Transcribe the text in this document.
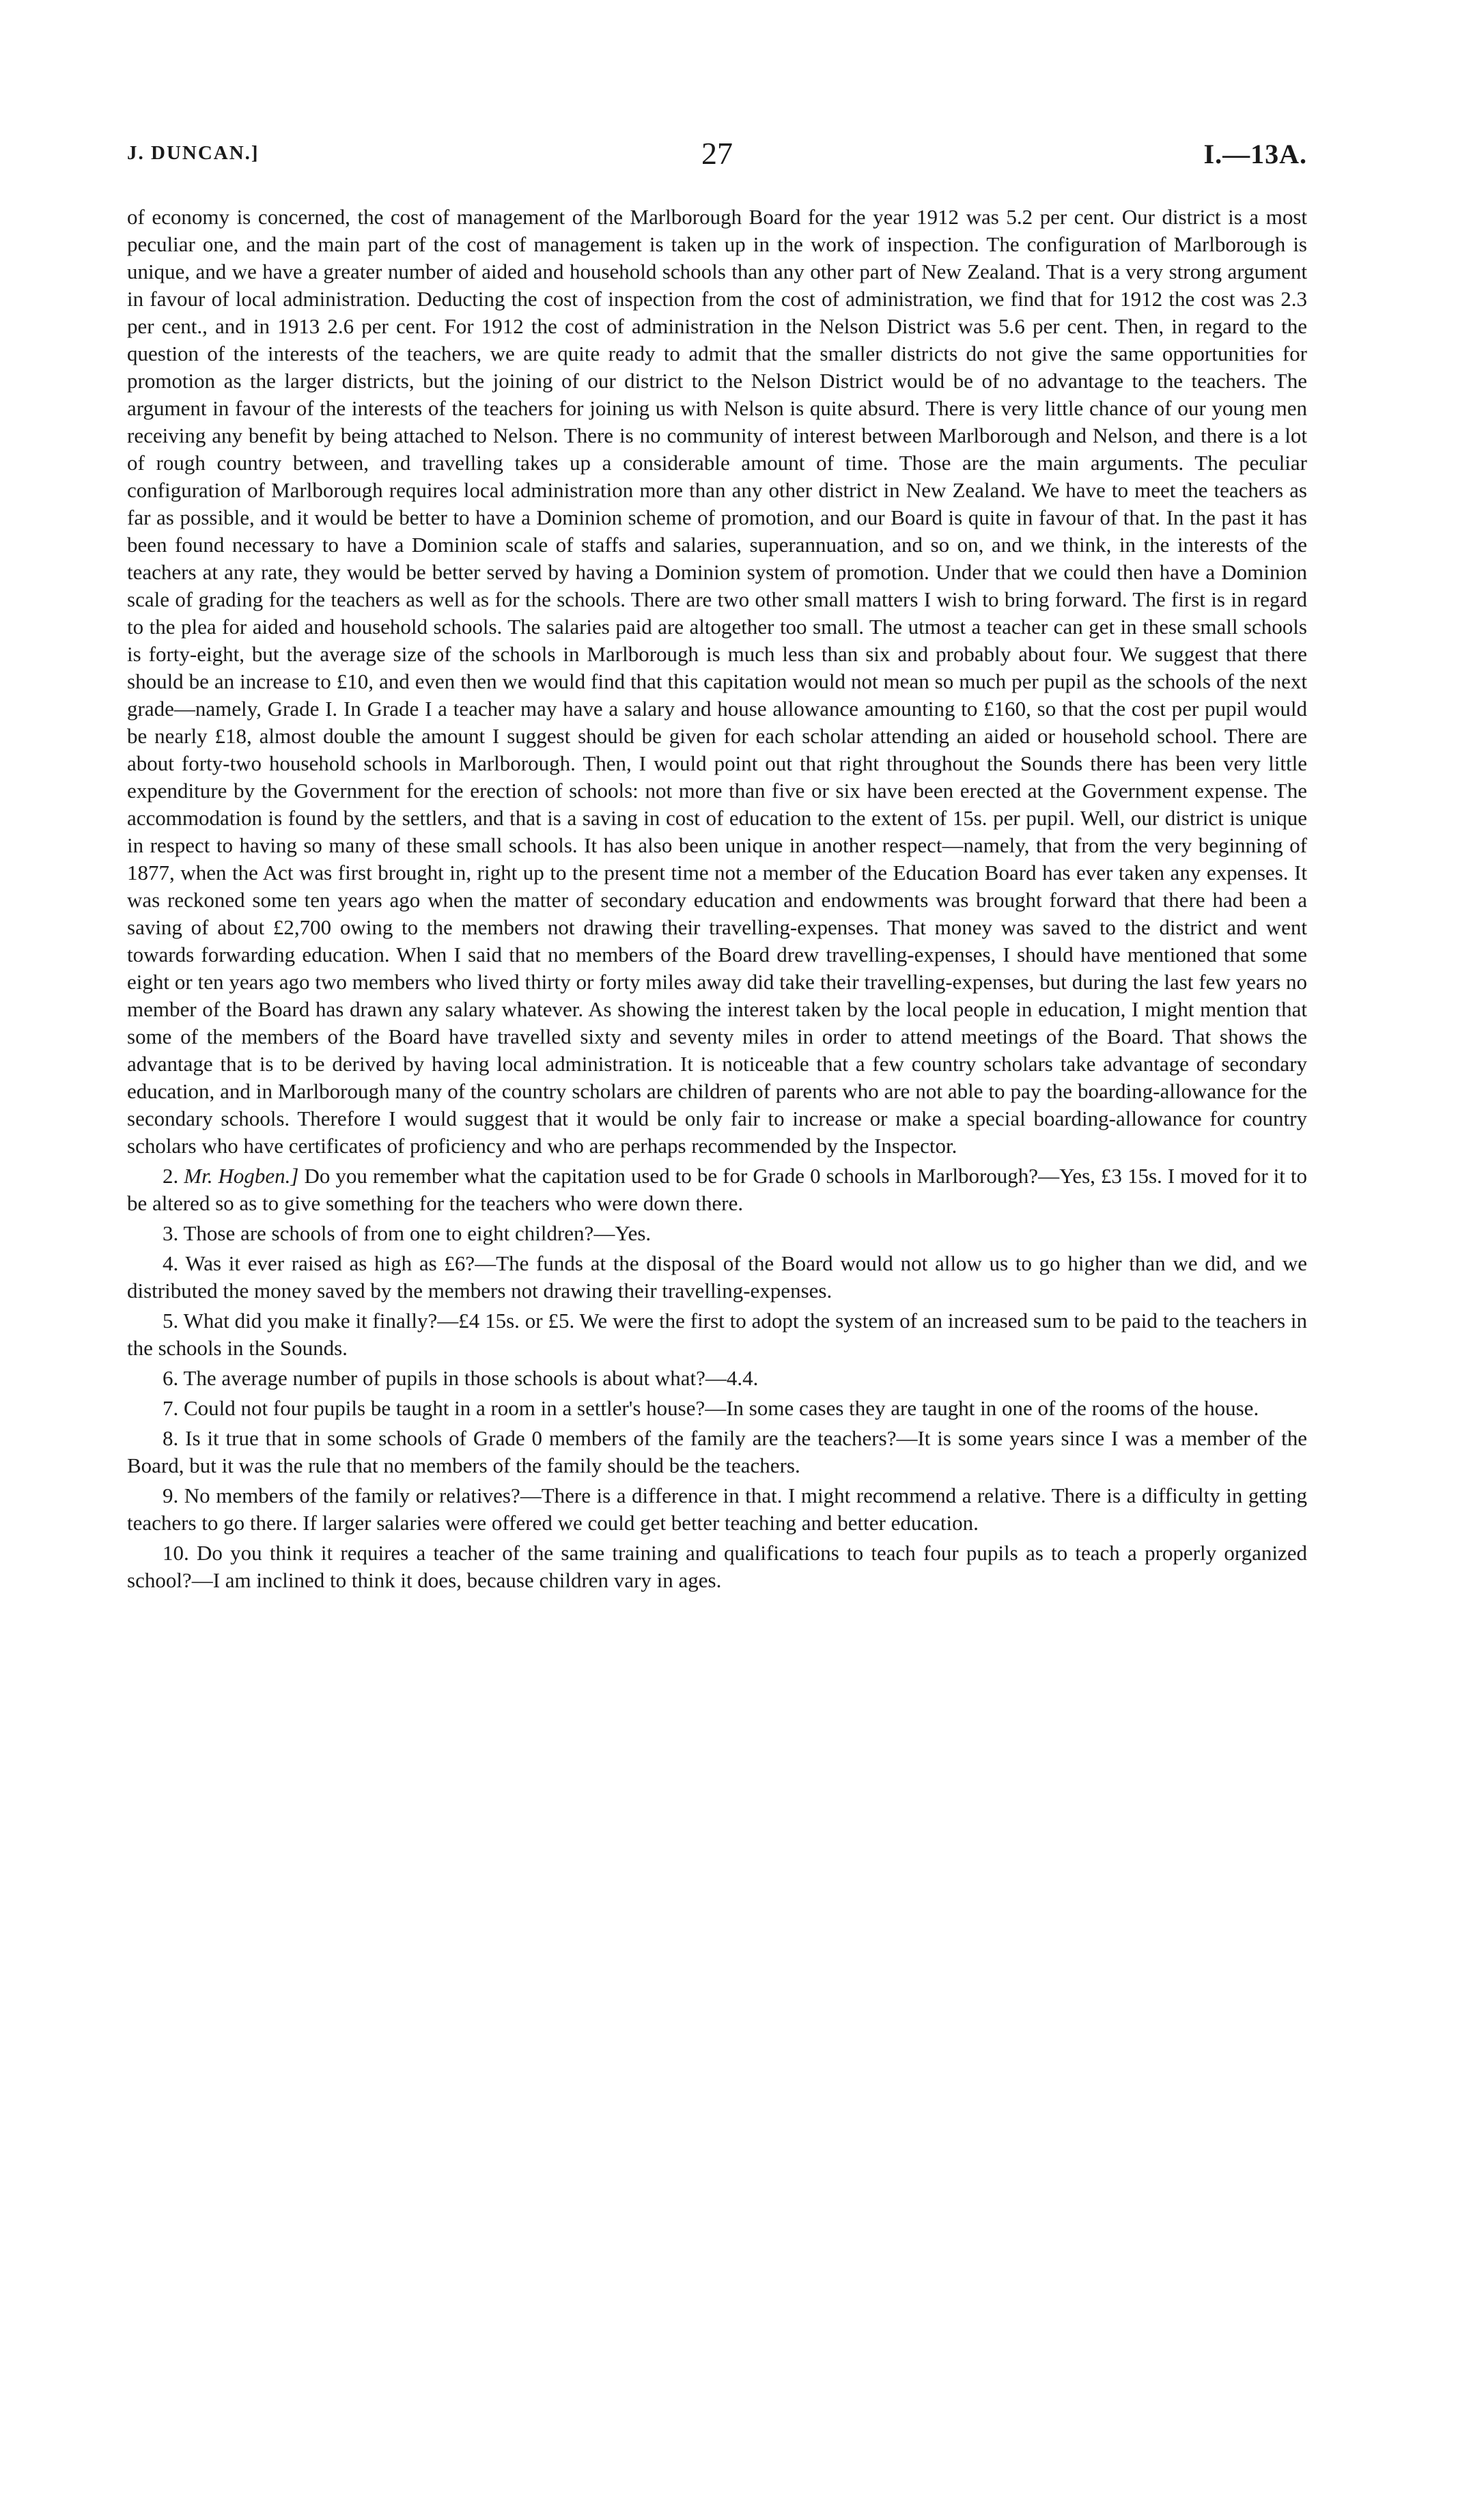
J. DUNCAN.]	27	I.—13A.

of economy is concerned, the cost of management of the Marlborough Board for the year 1912 was 5.2 per cent. Our district is a most peculiar one, and the main part of the cost of management is taken up in the work of inspection. The configuration of Marlborough is unique, and we have a greater number of aided and household schools than any other part of New Zealand. That is a very strong argument in favour of local administration. Deducting the cost of inspection from the cost of administration, we find that for 1912 the cost was 2.3 per cent., and in 1913 2.6 per cent. For 1912 the cost of administration in the Nelson District was 5.6 per cent. Then, in regard to the question of the interests of the teachers, we are quite ready to admit that the smaller districts do not give the same opportunities for promotion as the larger districts, but the joining of our district to the Nelson District would be of no advantage to the teachers. The argument in favour of the interests of the teachers for joining us with Nelson is quite absurd. There is very little chance of our young men receiving any benefit by being attached to Nelson. There is no community of interest between Marlborough and Nelson, and there is a lot of rough country between, and travelling takes up a considerable amount of time. Those are the main arguments. The peculiar configuration of Marlborough requires local administration more than any other district in New Zealand. We have to meet the teachers as far as possible, and it would be better to have a Dominion scheme of promotion, and our Board is quite in favour of that. In the past it has been found necessary to have a Dominion scale of staffs and salaries, superannuation, and so on, and we think, in the interests of the teachers at any rate, they would be better served by having a Dominion system of promotion. Under that we could then have a Dominion scale of grading for the teachers as well as for the schools. There are two other small matters I wish to bring forward. The first is in regard to the plea for aided and household schools. The salaries paid are altogether too small. The utmost a teacher can get in these small schools is forty-eight, but the average size of the schools in Marlborough is much less than six and probably about four. We suggest that there should be an increase to £10, and even then we would find that this capitation would not mean so much per pupil as the schools of the next grade—namely, Grade I. In Grade I a teacher may have a salary and house allowance amounting to £160, so that the cost per pupil would be nearly £18, almost double the amount I suggest should be given for each scholar attending an aided or household school. There are about forty-two household schools in Marlborough. Then, I would point out that right throughout the Sounds there has been very little expenditure by the Government for the erection of schools: not more than five or six have been erected at the Government expense. The accommodation is found by the settlers, and that is a saving in cost of education to the extent of 15s. per pupil. Well, our district is unique in respect to having so many of these small schools. It has also been unique in another respect—namely, that from the very beginning of 1877, when the Act was first brought in, right up to the present time not a member of the Education Board has ever taken any expenses. It was reckoned some ten years ago when the matter of secondary education and endowments was brought forward that there had been a saving of about £2,700 owing to the members not drawing their travelling-expenses. That money was saved to the district and went towards forwarding education. When I said that no members of the Board drew travelling-expenses, I should have mentioned that some eight or ten years ago two members who lived thirty or forty miles away did take their travelling-expenses, but during the last few years no member of the Board has drawn any salary whatever. As showing the interest taken by the local people in education, I might mention that some of the members of the Board have travelled sixty and seventy miles in order to attend meetings of the Board. That shows the advantage that is to be derived by having local administration. It is noticeable that a few country scholars take advantage of secondary education, and in Marlborough many of the country scholars are children of parents who are not able to pay the boarding-allowance for the secondary schools. Therefore I would suggest that it would be only fair to increase or make a special boarding-allowance for country scholars who have certificates of proficiency and who are perhaps recommended by the Inspector.

2. Mr. Hogben.] Do you remember what the capitation used to be for Grade 0 schools in Marlborough?—Yes, £3 15s. I moved for it to be altered so as to give something for the teachers who were down there.

3. Those are schools of from one to eight children?—Yes.

4. Was it ever raised as high as £6?—The funds at the disposal of the Board would not allow us to go higher than we did, and we distributed the money saved by the members not drawing their travelling-expenses.

5. What did you make it finally?—£4 15s. or £5. We were the first to adopt the system of an increased sum to be paid to the teachers in the schools in the Sounds.

6. The average number of pupils in those schools is about what?—4.4.

7. Could not four pupils be taught in a room in a settler's house?—In some cases they are taught in one of the rooms of the house.

8. Is it true that in some schools of Grade 0 members of the family are the teachers?—It is some years since I was a member of the Board, but it was the rule that no members of the family should be the teachers.

9. No members of the family or relatives?—There is a difference in that. I might recommend a relative. There is a difficulty in getting teachers to go there. If larger salaries were offered we could get better teaching and better education.

10. Do you think it requires a teacher of the same training and qualifications to teach four pupils as to teach a properly organized school?—I am inclined to think it does, because children vary in ages.
